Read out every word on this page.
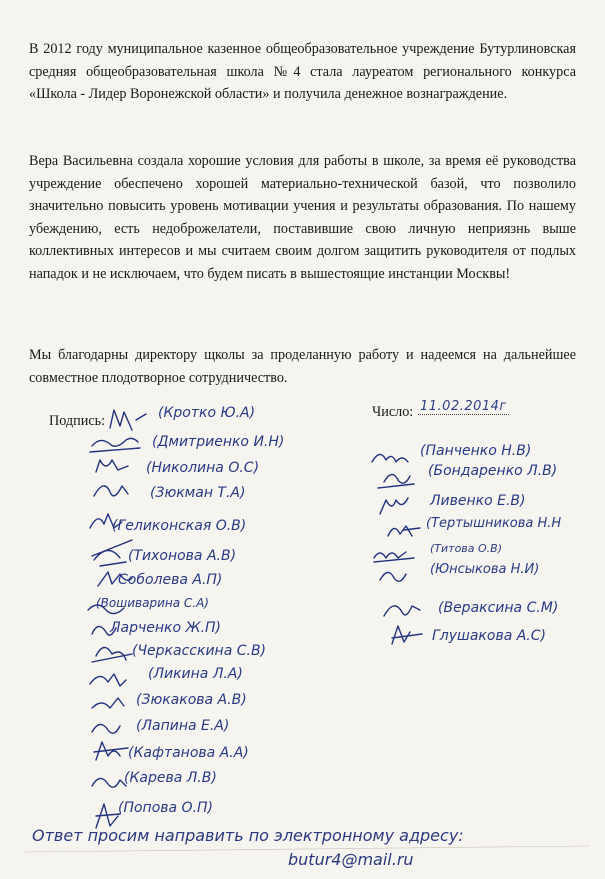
В 2012 году муниципальное казенное общеобразовательное учреждение Бутурлиновская средняя общеобразовательная школа №4 стала лауреатом регионального конкурса «Школа - Лидер Воронежской области» и получила денежное вознаграждение.

Вера Васильевна создала хорошие условия для работы в школе, за время её руководства учреждение обеспечено хорошей материально-технической базой, что позволило значительно повысить уровень мотивации учения и результаты образования. По нашему убеждению, есть недоброжелатели, поставившие свою личную неприязнь выше коллективных интересов и мы считаем своим долгом защитить руководителя от подлых нападок и не исключаем, что будем писать в вышестоящие инстанции Москвы!

Мы благодарны директору щколы за проделанную работу и надеемся на дальнейшее совместное плодотворное сотрудничество.

Подпись:
Число: 11.02.2014г
(Кротко Ю.А)
(Дмитриенко И.Н)
(Николина О.С)
(Зюкман Т.А)
(Геликонская О.В)
(Тихонова А.В)
Соболева А.П)
(Вошиварина С.А)
Ларченко Ж.П)
(Черкасскина С.В)
(Ликина Л.А)
(Зюкакова А.В)
(Лапина Е.А)
(Кафтанова А.А)
(Карева Л.В)
(Попова О.П)
(Панченко Н.В)
(Бондаренко Л.В)
Ливенко Е.В)
(Тертышникова Н.Н
(Титова О.В)
(Юнсыкова Н.И)
(Вераксина С.М)
Глушакова А.С)
Ответ просим направить по электронному адресу:
butur4@mail.ru
